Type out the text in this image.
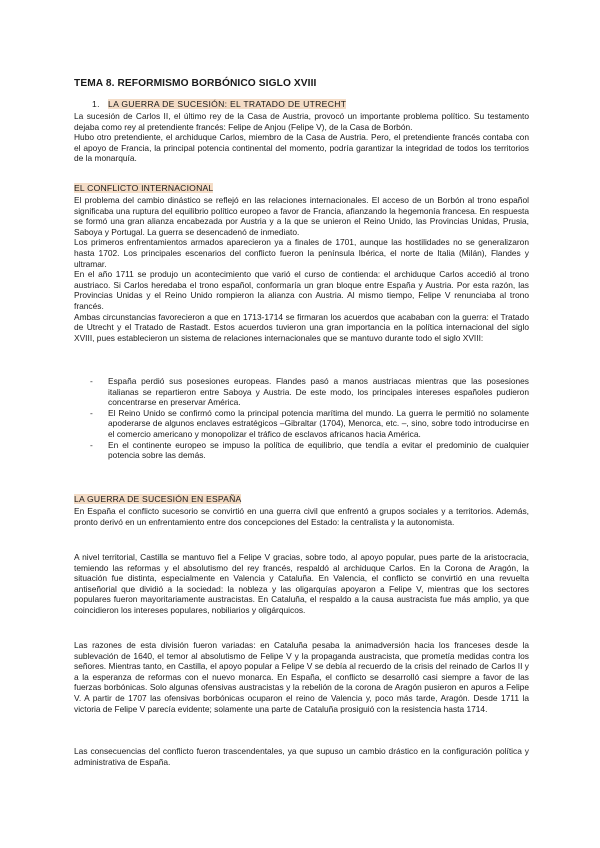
TEMA 8. REFORMISMO BORBÓNICO SIGLO XVIII
1. LA GUERRA DE SUCESIÓN: EL TRATADO DE UTRECHT

La sucesión de Carlos II, el último rey de la Casa de Austria, provocó un importante problema político. Su testamento dejaba como rey al pretendiente francés: Felipe de Anjou (Felipe V), de la Casa de Borbón.

Hubo otro pretendiente, el archiduque Carlos, miembro de la Casa de Austria. Pero, el pretendiente francés contaba con el apoyo de Francia, la principal potencia continental del momento, podría garantizar la integridad de todos los territorios de la monarquía.

EL CONFLICTO INTERNACIONAL

El problema del cambio dinástico se reflejó en las relaciones internacionales. El acceso de un Borbón al trono español significaba una ruptura del equilibrio político europeo a favor de Francia, afianzando la hegemonía francesa. En respuesta se formó una gran alianza encabezada por Austria y a la que se unieron el Reino Unido, las Provincias Unidas, Prusia, Saboya y Portugal. La guerra se desencadenó de inmediato.

Los primeros enfrentamientos armados aparecieron ya a finales de 1701, aunque las hostilidades no se generalizaron hasta 1702. Los principales escenarios del conflicto fueron la península Ibérica, el norte de Italia (Milán), Flandes y ultramar.

En el año 1711 se produjo un acontecimiento que varió el curso de contienda: el archiduque Carlos accedió al trono austriaco. Si Carlos heredaba el trono español, conformaría un gran bloque entre España y Austria. Por esta razón, las Provincias Unidas y el Reino Unido rompieron la alianza con Austria. Al mismo tiempo, Felipe V renunciaba al trono francés.

Ambas circunstancias favorecieron a que en 1713-1714 se firmaran los acuerdos que acababan con la guerra: el Tratado de Utrecht y el Tratado de Rastadt. Estos acuerdos tuvieron una gran importancia en la política internacional del siglo XVIII, pues establecieron un sistema de relaciones internacionales que se mantuvo durante todo el siglo XVIII:

- España perdió sus posesiones europeas. Flandes pasó a manos austriacas mientras que las posesiones italianas se repartieron entre Saboya y Austria. De este modo, los principales intereses españoles pudieron concentrarse en preservar América.
- El Reino Unido se confirmó como la principal potencia marítima del mundo. La guerra le permitió no solamente apoderarse de algunos enclaves estratégicos –Gibraltar (1704), Menorca, etc. –, sino, sobre todo introducirse en el comercio americano y monopolizar el tráfico de esclavos africanos hacia América.
- En el continente europeo se impuso la política de equilibrio, que tendía a evitar el predominio de cualquier potencia sobre las demás.
LA GUERRA DE SUCESIÓN EN ESPAÑA

En España el conflicto sucesorio se convirtió en una guerra civil que enfrentó a grupos sociales y a territorios. Además, pronto derivó en un enfrentamiento entre dos concepciones del Estado: la centralista y la autonomista.

A nivel territorial, Castilla se mantuvo fiel a Felipe V gracias, sobre todo, al apoyo popular, pues parte de la aristocracia, temiendo las reformas y el absolutismo del rey francés, respaldó al archiduque Carlos. En la Corona de Aragón, la situación fue distinta, especialmente en Valencia y Cataluña. En Valencia, el conflicto se convirtió en una revuelta antiseñorial que dividió a la sociedad: la nobleza y las oligarquías apoyaron a Felipe V, mientras que los sectores populares fueron mayoritariamente austracistas. En Cataluña, el respaldo a la causa austracista fue más amplio, ya que coincidieron los intereses populares, nobiliarios y oligárquicos.

Las razones de esta división fueron variadas: en Cataluña pesaba la animadversión hacia los franceses desde la sublevación de 1640, el temor al absolutismo de Felipe V y la propaganda austracista, que prometía medidas contra los señores. Mientras tanto, en Castilla, el apoyo popular a Felipe V se debía al recuerdo de la crisis del reinado de Carlos II y a la esperanza de reformas con el nuevo monarca. En España, el conflicto se desarrolló casi siempre a favor de las fuerzas borbónicas. Solo algunas ofensivas austracistas y la rebelión de la corona de Aragón pusieron en apuros a Felipe V. A partir de 1707 las ofensivas borbónicas ocuparon el reino de Valencia y, poco más tarde, Aragón. Desde 1711 la victoria de Felipe V parecía evidente; solamente una parte de Cataluña prosiguió con la resistencia hasta 1714.

Las consecuencias del conflicto fueron trascendentales, ya que supuso un cambio drástico en la configuración política y administrativa de España.
